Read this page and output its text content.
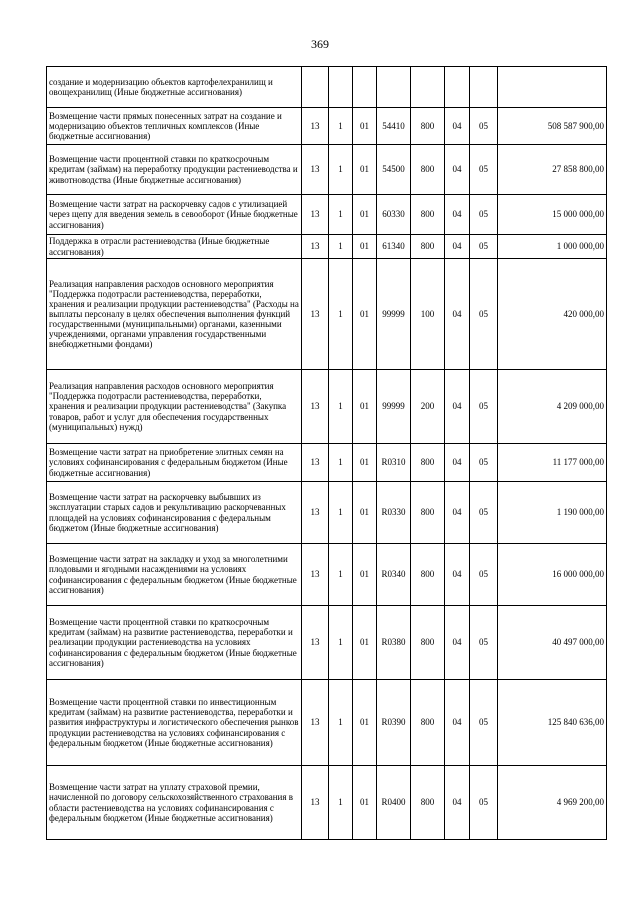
369
создание и модернизацию объектов картофелехранилищ и овощехранилищ (Иные бюджетные ассигнования)								
Возмещение части прямых понесенных затрат на создание и модернизацию объектов тепличных комплексов (Иные бюджетные ассигнования)	13	1	01	54410	800	04	05	508 587 900,00
Возмещение части процентной ставки по краткосрочным кредитам (займам) на переработку продукции растениеводства и животноводства (Иные бюджетные ассигнования)	13	1	01	54500	800	04	05	27 858 800,00
Возмещение части затрат на раскорчевку садов с утилизацией через щепу для введения земель в севооборот (Иные бюджетные ассигнования)	13	1	01	60330	800	04	05	15 000 000,00
Поддержка в отрасли растениеводства (Иные бюджетные ассигнования)	13	1	01	61340	800	04	05	1 000 000,00
Реализация направления расходов основного мероприятия "Поддержка подотрасли растениеводства, переработки, хранения и реализации продукции растениеводства" (Расходы на выплаты персоналу в целях обеспечения выполнения функций государственными (муниципальными) органами, казенными учреждениями, органами управления государственными внебюджетными фондами)	13	1	01	99999	100	04	05	420 000,00
Реализация направления расходов основного мероприятия "Поддержка подотрасли растениеводства, переработки, хранения и реализации продукции растениеводства" (Закупка товаров, работ и услуг для обеспечения государственных (муниципальных) нужд)	13	1	01	99999	200	04	05	4 209 000,00
Возмещение части затрат на приобретение элитных семян на условиях софинансирования с федеральным бюджетом (Иные бюджетные ассигнования)	13	1	01	R0310	800	04	05	11 177 000,00
Возмещение части затрат на раскорчевку выбывших из эксплуатации старых садов и рекультивацию раскорчеванных площадей на условиях софинансирования с федеральным бюджетом (Иные бюджетные ассигнования)	13	1	01	R0330	800	04	05	1 190 000,00
Возмещение части затрат на закладку и уход за многолетними плодовыми и ягодными насаждениями на условиях софинансирования с федеральным бюджетом (Иные бюджетные ассигнования)	13	1	01	R0340	800	04	05	16 000 000,00
Возмещение части процентной ставки по краткосрочным кредитам (займам) на развитие растениеводства, переработки и реализации продукции растениеводства на условиях софинансирования с федеральным бюджетом (Иные бюджетные ассигнования)	13	1	01	R0380	800	04	05	40 497 000,00
Возмещение части процентной ставки по инвестиционным кредитам (займам) на развитие растениеводства, переработки и развития инфраструктуры и логистического обеспечения рынков продукции растениеводства на условиях софинансирования с федеральным бюджетом (Иные бюджетные ассигнования)	13	1	01	R0390	800	04	05	125 840 636,00
Возмещение части затрат на уплату страховой премии, начисленной по договору сельскохозяйственного страхования в области растениеводства на условиях софинансирования с федеральным бюджетом (Иные бюджетные ассигнования)	13	1	01	R0400	800	04	05	4 969 200,00
